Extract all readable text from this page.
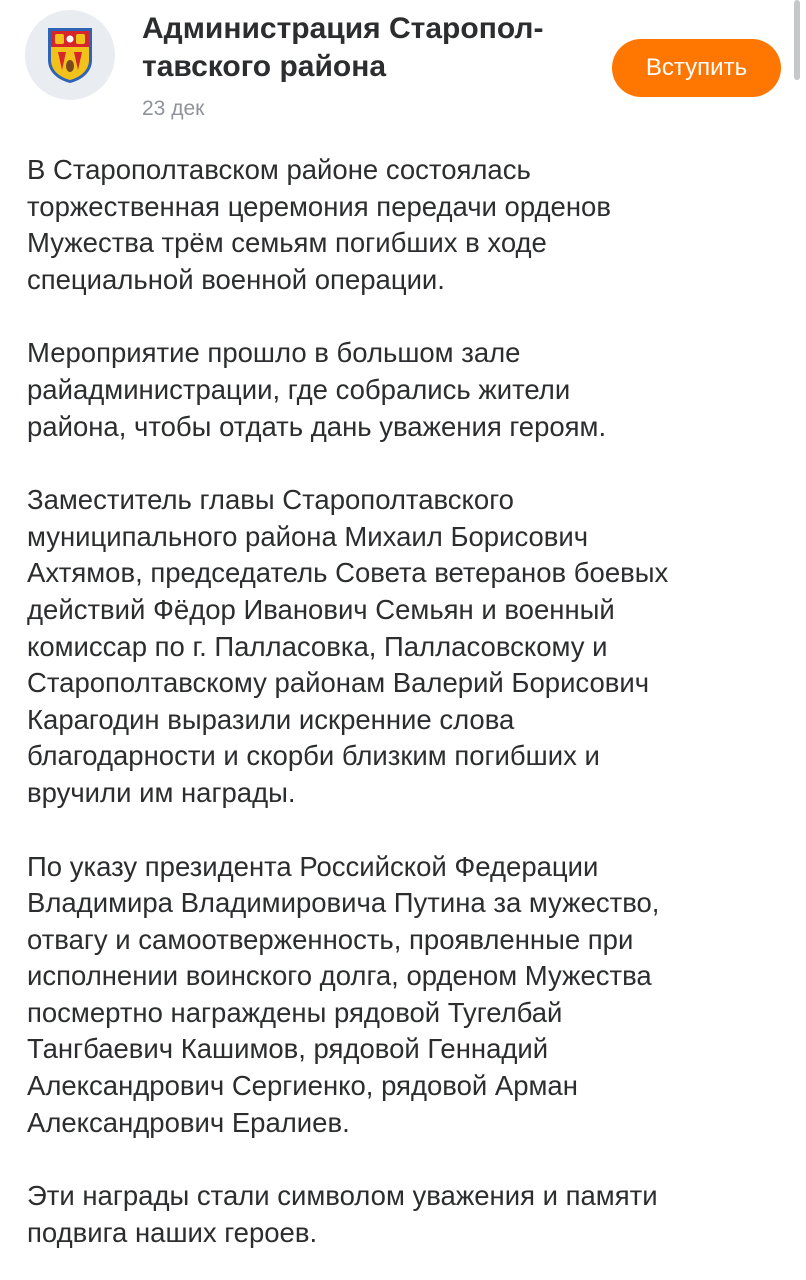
Администрация Старопол-
тавского района
23 дек
Вступить

В Старополтавском районе состоялась
торжественная церемония передачи орденов
Мужества трём семьям погибших в ходе
специальной военной операции.

Мероприятие прошло в большом зале
райадминистрации, где собрались жители
района, чтобы отдать дань уважения героям.

Заместитель главы Старополтавского
муниципального района Михаил Борисович
Ахтямов, председатель Совета ветеранов боевых
действий Фёдор Иванович Семьян и военный
комиссар по г. Палласовка, Палласовскому и
Старополтавскому районам Валерий Борисович
Карагодин выразили искренние слова
благодарности и скорби близким погибших и
вручили им награды.

По указу президента Российской Федерации
Владимира Владимировича Путина за мужество,
отвагу и самоотверженность, проявленные при
исполнении воинского долга, орденом Мужества
посмертно награждены рядовой Тугелбай
Тангбаевич Кашимов, рядовой Геннадий
Александрович Сергиенко, рядовой Арман
Александрович Ералиев.

Эти награды стали символом уважения и памяти
подвига наших героев.
